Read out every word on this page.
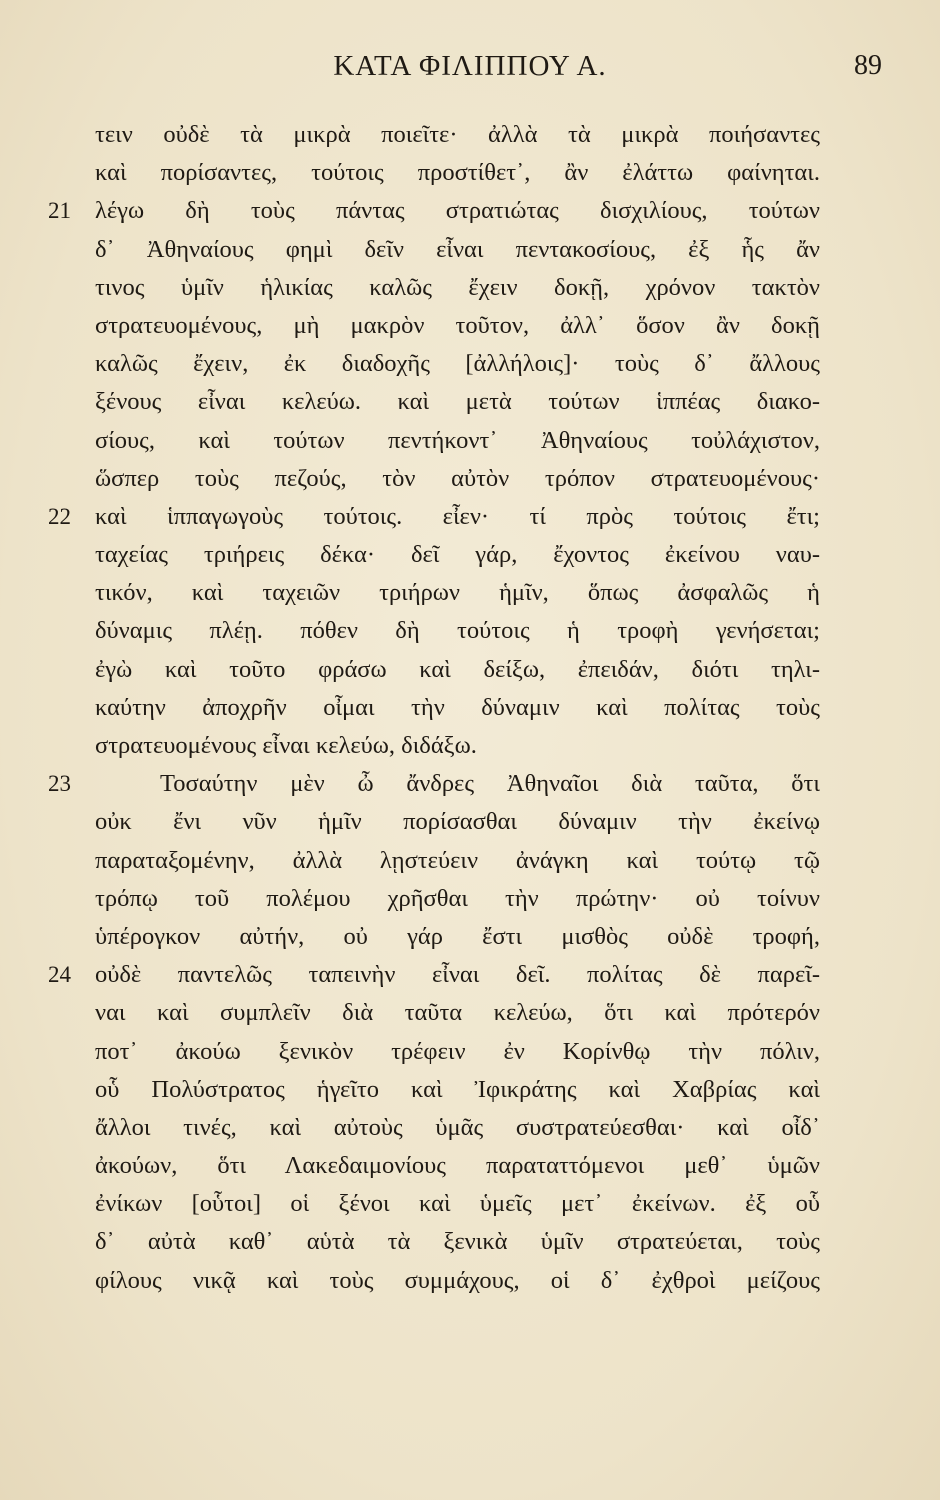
ΚΑΤΑ ΦΙΛΙΠΠΟΥ Α.	89
τειν οὐδὲ τὰ μικρὰ ποιεῖτε· ἀλλὰ τὰ μικρὰ ποιήσαντες
καὶ πορίσαντες, τούτοις προστίθετ᾽, ἂν ἐλάττω φαίνηται.
21 λέγω δὴ τοὺς πάντας στρατιώτας δισχιλίους, τούτων
δ᾽ Ἀθηναίους φημὶ δεῖν εἶναι πεντακοσίους, ἐξ ἧς ἄν
τινος ὑμῖν ἡλικίας καλῶς ἔχειν δοκῇ, χρόνον τακτὸν
στρατευομένους, μὴ μακρὸν τοῦτον, ἀλλ᾽ ὅσον ἂν δοκῇ
καλῶς ἔχειν, ἐκ διαδοχῆς [ἀλλήλοις]· τοὺς δ᾽ ἄλλους
ξένους εἶναι κελεύω. καὶ μετὰ τούτων ἱππέας διακο-
σίους, καὶ τούτων πεντήκοντ᾽ Ἀθηναίους τοὐλάχιστον,
ὥσπερ τοὺς πεζούς, τὸν αὐτὸν τρόπον στρατευομένους·
22 καὶ ἱππαγωγοὺς τούτοις. εἶεν· τί πρὸς τούτοις ἔτι;
ταχείας τριήρεις δέκα· δεῖ γάρ, ἔχοντος ἐκείνου ναυ-
τικόν, καὶ ταχειῶν τριήρων ἡμῖν, ὅπως ἀσφαλῶς ἡ
δύναμις πλέῃ. πόθεν δὴ τούτοις ἡ τροφὴ γενήσεται;
ἐγὼ καὶ τοῦτο φράσω καὶ δείξω, ἐπειδάν, διότι τηλι-
καύτην ἀποχρῆν οἶμαι τὴν δύναμιν καὶ πολίτας τοὺς
στρατευομένους εἶναι κελεύω, διδάξω.
23	Τοσαύτην μὲν ὦ ἄνδρες Ἀθηναῖοι διὰ ταῦτα, ὅτι
οὐκ ἔνι νῦν ἡμῖν πορίσασθαι δύναμιν τὴν ἐκείνῳ
παραταξομένην, ἀλλὰ λῃστεύειν ἀνάγκη καὶ τούτῳ τῷ
τρόπῳ τοῦ πολέμου χρῆσθαι τὴν πρώτην· οὐ τοίνυν
ὑπέρογκον αὐτήν, οὐ γάρ ἔστι μισθὸς οὐδὲ τροφή,
24 οὐδὲ παντελῶς ταπεινὴν εἶναι δεῖ. πολίτας δὲ παρεῖ-
ναι καὶ συμπλεῖν διὰ ταῦτα κελεύω, ὅτι καὶ πρότερόν
ποτ᾽ ἀκούω ξενικὸν τρέφειν ἐν Κορίνθῳ τὴν πόλιν,
οὗ Πολύστρατος ἡγεῖτο καὶ Ἰφικράτης καὶ Χαβρίας καὶ
ἄλλοι τινές, καὶ αὐτοὺς ὑμᾶς συστρατεύεσθαι· καὶ οἶδ᾽
ἀκούων, ὅτι Λακεδαιμονίους παραταττόμενοι μεθ᾽ ὑμῶν
ἐνίκων [οὗτοι] οἱ ξένοι καὶ ὑμεῖς μετ᾽ ἐκείνων. ἐξ οὗ
δ᾽ αὐτὰ καθ᾽ αὑτὰ τὰ ξενικὰ ὑμῖν στρατεύεται, τοὺς
φίλους νικᾷ καὶ τοὺς συμμάχους, οἱ δ᾽ ἐχθροὶ μείζους
